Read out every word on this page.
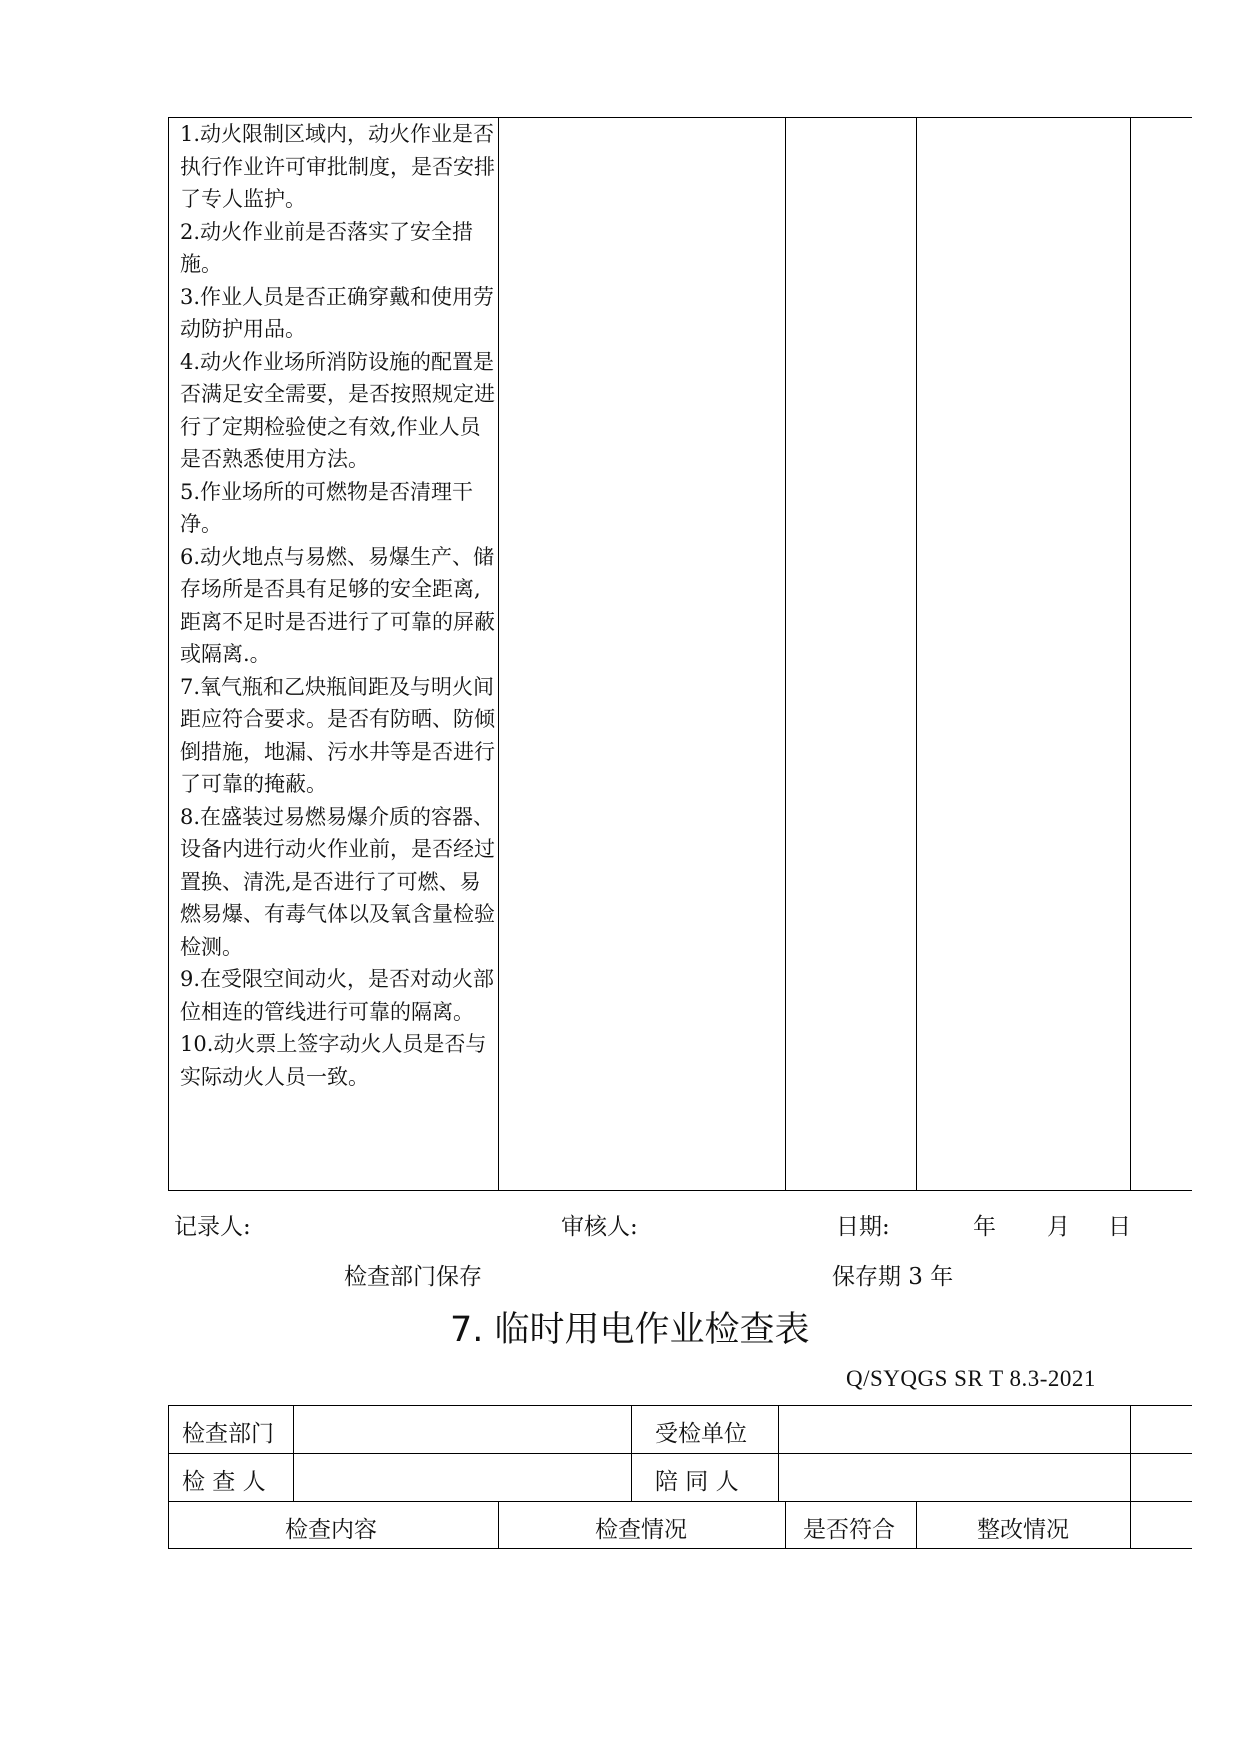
1.动火限制区域内，动火作业是否执行作业许可审批制度，是否安排了专人监护。
2.动火作业前是否落实了安全措施。
3.作业人员是否正确穿戴和使用劳动防护用品。
4.动火作业场所消防设施的配置是否满足安全需要，是否按照规定进行了定期检验使之有效,作业人员是否熟悉使用方法。
5.作业场所的可燃物是否清理干净。
6.动火地点与易燃、易爆生产、储存场所是否具有足够的安全距离,距离不足时是否进行了可靠的屏蔽或隔离.。
7.氧气瓶和乙炔瓶间距及与明火间距应符合要求。是否有防晒、防倾倒措施，地漏、污水井等是否进行了可靠的掩蔽。
8.在盛装过易燃易爆介质的容器、设备内进行动火作业前，是否经过置换、清洗,是否进行了可燃、易燃易爆、有毒气体以及氧含量检验检测。
9.在受限空间动火，是否对动火部位相连的管线进行可靠的隔离。
10.动火票上签字动火人员是否与实际动火人员一致。
记录人:	审核人:	日期:	年 月 日
检查部门保存	保存期 3 年
7. 临时用电作业检查表
Q/SYQGS SR T 8.3-2021
检查部门	受检单位
检 查 人	陪 同 人
检查内容	检查情况	是否符合	整改情况
